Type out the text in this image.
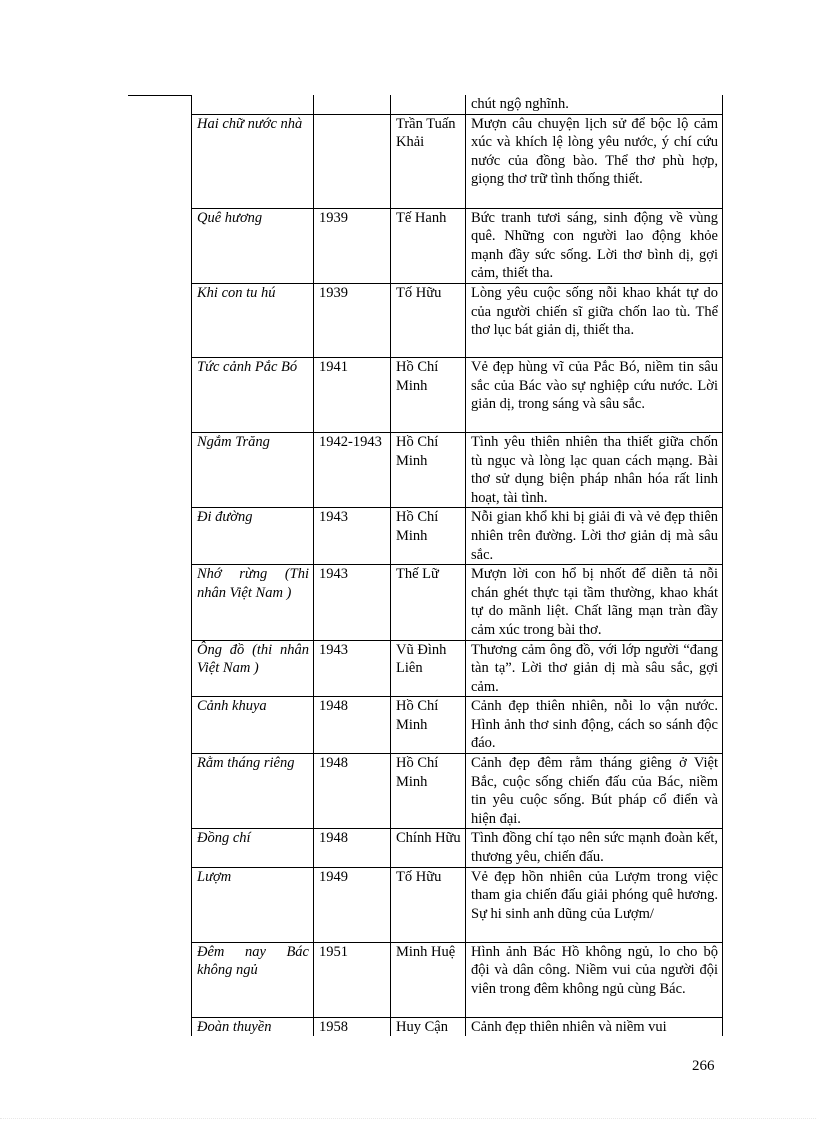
			chút ngộ nghĩnh.
Hai chữ nước nhà		Trần Tuấn Khải	Mượn câu chuyện lịch sử để bộc lộ cảm xúc và khích lệ lòng yêu nước, ý chí cứu nước của đồng bào. Thể thơ phù hợp, giọng thơ trữ tình thống thiết.
Quê hương	1939	Tế Hanh	Bức tranh tươi sáng, sinh động về vùng quê. Những con người lao động khỏe mạnh đầy sức sống. Lời thơ bình dị, gợi cảm, thiết tha.
Khi con tu hú	1939	Tố Hữu	Lòng yêu cuộc sống nỗi khao khát tự do của người chiến sĩ giữa chốn lao tù. Thể thơ lục bát giản dị, thiết tha.
Tức cảnh Pắc Bó	1941	Hồ Chí Minh	Vẻ đẹp hùng vĩ của Pắc Bó, niềm tin sâu sắc của Bác vào sự nghiệp cứu nước. Lời giản dị, trong sáng và sâu sắc.
Ngắm Trăng	1942-1943	Hồ Chí Minh	Tình yêu thiên nhiên tha thiết giữa chốn tù ngục và lòng lạc quan cách mạng. Bài thơ sử dụng biện pháp nhân hóa rất linh hoạt, tài tình.
Đi đường	1943	Hồ Chí Minh	Nỗi gian khổ khi bị giải đi và vẻ đẹp thiên nhiên trên đường. Lời thơ giản dị mà sâu sắc.
Nhớ rừng (Thi nhân Việt Nam )	1943	Thế Lữ	Mượn lời con hổ bị nhốt để diễn tả nỗi chán ghét thực tại tầm thường, khao khát tự do mãnh liệt. Chất lãng mạn tràn đầy cảm xúc trong bài thơ.
Ông đồ (thi nhân Việt Nam )	1943	Vũ Đình Liên	Thương cảm ông đồ, với lớp người “đang tàn tạ”. Lời thơ giản dị mà sâu sắc, gợi cảm.
Cảnh khuya	1948	Hồ Chí Minh	Cảnh đẹp thiên nhiên, nỗi lo vận nước. Hình ảnh thơ sinh động, cách so sánh độc đáo.
Rằm tháng riêng	1948	Hồ Chí Minh	Cảnh đẹp đêm rằm tháng giêng ở Việt Bắc, cuộc sống chiến đấu của Bác, niềm tin yêu cuộc sống. Bút pháp cổ điển và hiện đại.
Đồng chí	1948	Chính Hữu	Tình đồng chí tạo nên sức mạnh đoàn kết, thương yêu, chiến đấu.
Lượm	1949	Tố Hữu	Vẻ đẹp hồn nhiên của Lượm trong việc tham gia chiến đấu giải phóng quê hương. Sự hi sinh anh dũng của Lượm/
Đêm nay Bác không ngủ	1951	Minh Huệ	Hình ảnh Bác Hồ không ngủ, lo cho bộ đội và dân công. Niềm vui của người đội viên trong đêm không ngủ cùng Bác.
Đoàn thuyền	1958	Huy Cận	Cảnh đẹp thiên nhiên và niềm vui
266
